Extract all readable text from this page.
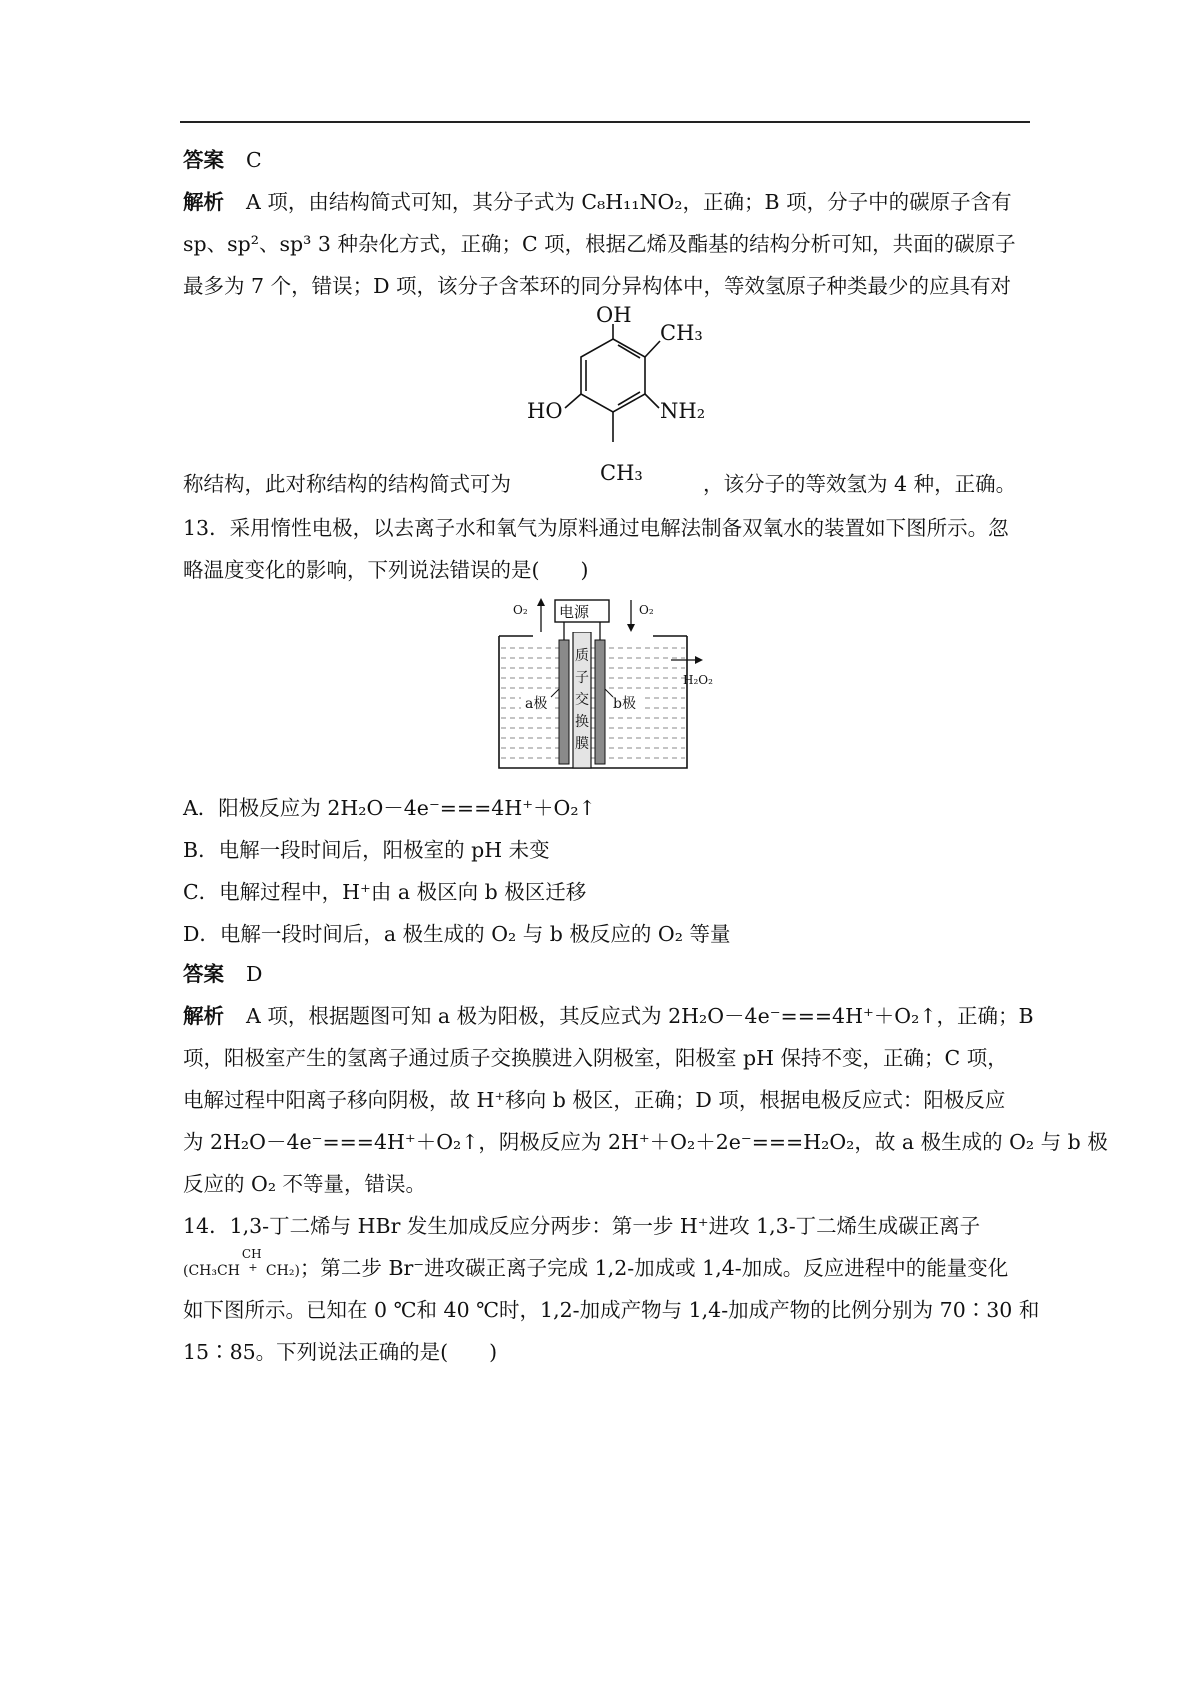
答案 C
解析 A 项，由结构简式可知，其分子式为 C₈H₁₁NO₂，正确；B 项，分子中的碳原子含有
sp、sp²、sp³ 3 种杂化方式，正确；C 项，根据乙烯及酯基的结构分析可知，共面的碳原子
最多为 7 个，错误；D 项，该分子含苯环的同分异构体中，等效氢原子种类最少的应具有对
称结构，此对称结构的结构简式可为	，该分子的等效氢为 4 种，正确。
OH
CH₃
NH₂
HO
CH₃
13．采用惰性电极，以去离子水和氧气为原料通过电解法制备双氧水的装置如下图所示。忽
略温度变化的影响，下列说法错误的是(　　)
电源
O₂	O₂
H₂O₂
a极	b极
质
子
交
换
膜
A．阳极反应为 2H₂O－4e⁻===4H⁺＋O₂↑
B．电解一段时间后，阳极室的 pH 未变
C．电解过程中，H⁺由 a 极区向 b 极区迁移
D．电解一段时间后，a 极生成的 O₂ 与 b 极反应的 O₂ 等量
答案 D
解析 A 项，根据题图可知 a 极为阳极，其反应式为 2H₂O－4e⁻===4H⁺＋O₂↑，正确；B
项，阳极室产生的氢离子通过质子交换膜进入阴极室，阳极室 pH 保持不变，正确；C 项，
电解过程中阳离子移向阴极，故 H⁺移向 b 极区，正确；D 项，根据电极反应式：阳极反应
为 2H₂O－4e⁻===4H⁺＋O₂↑，阴极反应为 2H⁺＋O₂＋2e⁻===H₂O₂，故 a 极生成的 O₂ 与 b 极
反应的 O₂ 不等量，错误。
14．1,3-丁二烯与 HBr 发生加成反应分两步：第一步 H⁺进攻 1,3-丁二烯生成碳正离子
(CH₃CH +
CH
CH₂)；第二步 Br⁻进攻碳正离子完成 1,2-加成或 1,4-加成。反应进程中的能量变化
如下图所示。已知在 0 ℃和 40 ℃时，1,2-加成产物与 1,4-加成产物的比例分别为 70∶30 和
15∶85。下列说法正确的是(　　)
